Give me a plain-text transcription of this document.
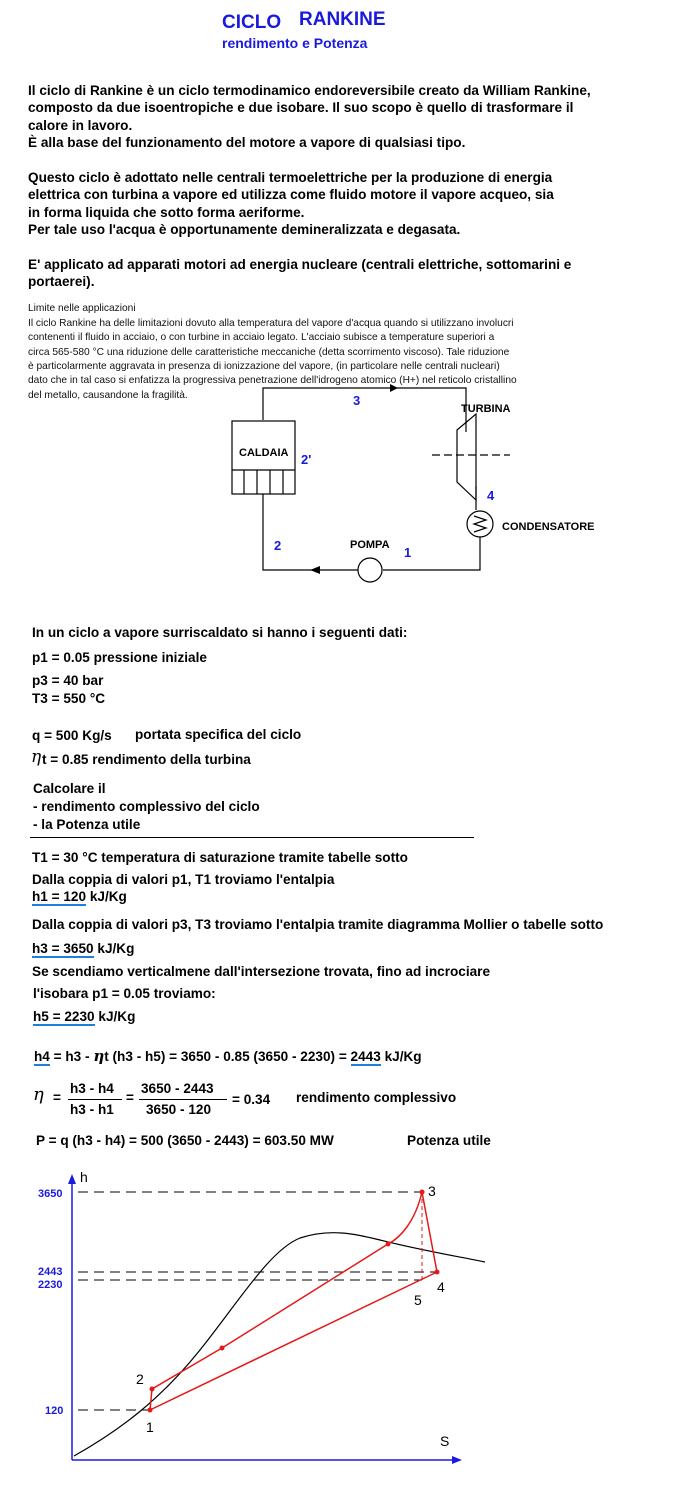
CICLO RANKINE
rendimento e Potenza

Il ciclo di Rankine è un ciclo termodinamico endoreversibile creato da William Rankine,
composto da due isoentropiche e due isobare. Il suo scopo è quello di trasformare il
calore in lavoro.
È alla base del funzionamento del motore a vapore di qualsiasi tipo.

Questo ciclo è adottato nelle centrali termoelettriche per la produzione di energia
elettrica con turbina a vapore ed utilizza come fluido motore il vapore acqueo, sia
in forma liquida che sotto forma aeriforme.
Per tale uso l'acqua è opportunamente demineralizzata e degasata.

E' applicato ad apparati motori ad energia nucleare (centrali elettriche, sottomarini e
portaerei).

Limite nelle applicazioni
Il ciclo Rankine ha delle limitazioni dovuto alla temperatura del vapore d'acqua quando si utilizzano involucri
contenenti il fluido in acciaio, o con turbine in acciaio legato. L'acciaio subisce a temperature superiori a
circa 565-580 °C una riduzione delle caratteristiche meccaniche (detta scorrimento viscoso). Tale riduzione
è particolarmente aggravata in presenza di ionizzazione del vapore, (in particolare nelle centrali nucleari)
dato che in tal caso si enfatizza la progressiva penetrazione dell'idrogeno atomico (H+) nel reticolo cristallino
del metallo, causandone la fragilità.

CALDAIA
TURBINA
CONDENSATORE
POMPA
3
2'
4
2	1
In un ciclo a vapore surriscaldato si hanno i seguenti dati:
p1 = 0.05 pressione iniziale
p3 = 40 bar
T3 = 550 °C
q = 500 Kg/s portata specifica del ciclo
η t = 0.85 rendimento della turbina
Calcolare il
- rendimento complessivo del ciclo
- la Potenza utile
T1 = 30 °C temperatura di saturazione tramite tabelle sotto
Dalla coppia di valori p1, T1 troviamo l'entalpia
h1 = 120 kJ/Kg
Dalla coppia di valori p3, T3 troviamo l'entalpia tramite diagramma Mollier o tabelle sotto
h3 = 3650 kJ/Kg
Se scendiamo verticalmene dall'intersezione trovata, fino ad incrociare
l'isobara p1 = 0.05 troviamo:
h5 = 2230 kJ/Kg
h4 = h3 - ηt (h3 - h5) = 3650 - 0.85 (3650 - 2230) = 2443 kJ/Kg
η =
h3 - h4
h3 - h1
=
3650 - 2443
3650 - 120
= 0.34 rendimento complessivo
P = q (h3 - h4) = 500 (3650 - 2443) = 603.50 MW	Potenza utile
h
S
3650
2443
2230
120
1
2
3
4
5
